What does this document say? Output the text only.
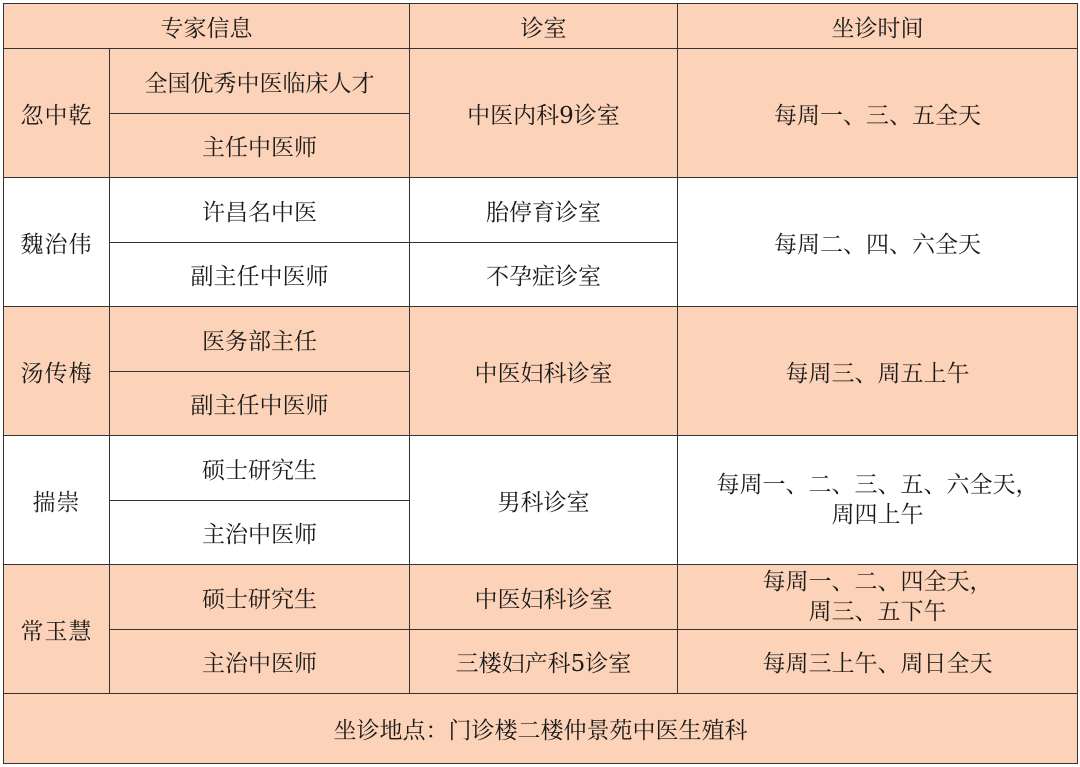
专家信息		诊室	坐诊时间
忽中乾	全国优秀中医临床人才	中医内科9诊室	每周一、三、五全天
	主任中医师		
魏治伟	许昌名中医	胎停育诊室	每周二、四、六全天
	副主任中医师	不孕症诊室	
汤传梅	医务部主任	中医妇科诊室	每周三、周五上午
	副主任中医师		
揣崇	硕士研究生	男科诊室	每周一、二、三、五、六全天，
周四上午

	主治中医师		
常玉慧	硕士研究生	中医妇科诊室	每周一、二、四全天，
周三、五下午

	主治中医师	三楼妇产科5诊室	每周三上午、周日全天
坐诊地点：门诊楼二楼仲景苑中医生殖科			
